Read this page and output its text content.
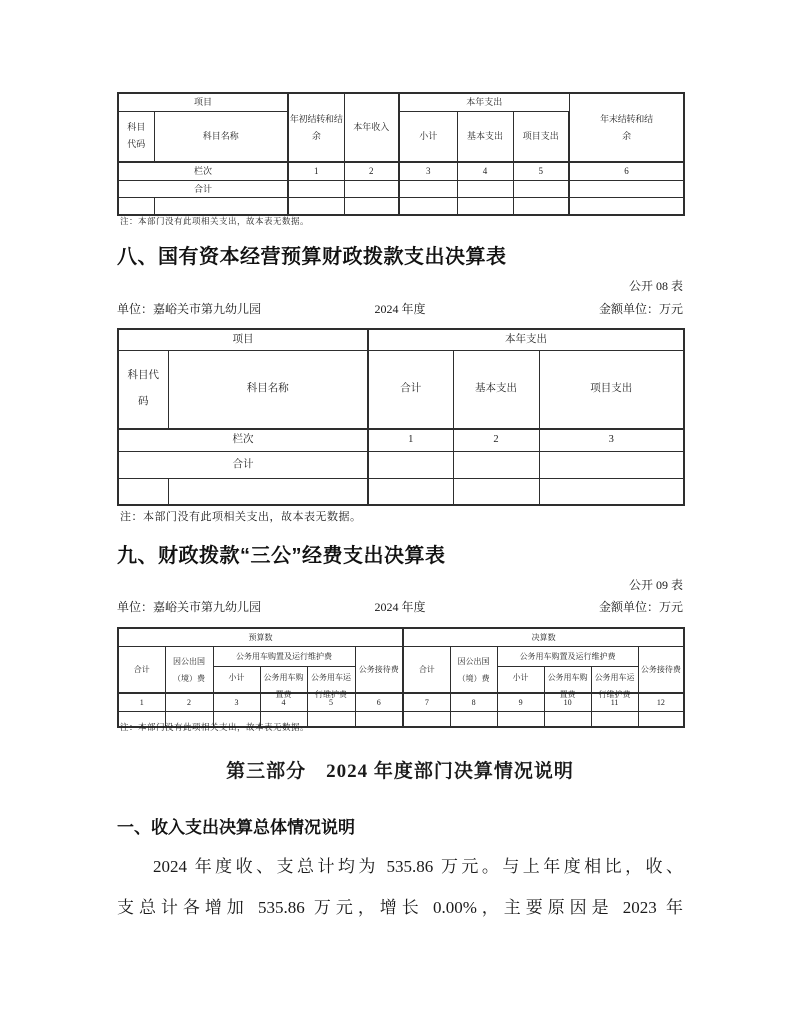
项目		年初结转和结余	本年收入	本年支出			年末结转和结余
科目代码	科目名称			小计	基本支出	项目支出	
栏次		1	2	3	4	5	6
合计							

注：本部门没有此项相关支出，故本表无数据。
八、国有资本经营预算财政拨款支出决算表
公开 08 表
单位：嘉峪关市第九幼儿园	2024 年度	金额单位：万元
项目		本年支出		
科目代码	科目名称	合计	基本支出	项目支出
栏次		1	2	3
合计				

注：本部门没有此项相关支出，故本表无数据。
九、财政拨款“三公”经费支出决算表
公开 09 表
单位：嘉峪关市第九幼儿园	2024 年度	金额单位：万元
预算数						决算数					
合计	因公出国（境）费	公务用车购置及运行维护费			公务接待费	合计	因公出国（境）费	公务用车购置及运行维护费			公务接待费
		小计	公务用车购置费	公务用车运行维护费				小计	公务用车购置费	公务用车运行维护费	

1	2	3	4	5	6	7	8	9	10	11	12

注：本部门没有此项相关支出，故本表无数据。
第三部分　2024 年度部门决算情况说明
一、收入支出决算总体情况说明
2024 年度收、支总计均为 535.86 万元。与上年度相比，收、
支总计各增加 535.86 万元，增长 0.00%，主要原因是 2023 年
